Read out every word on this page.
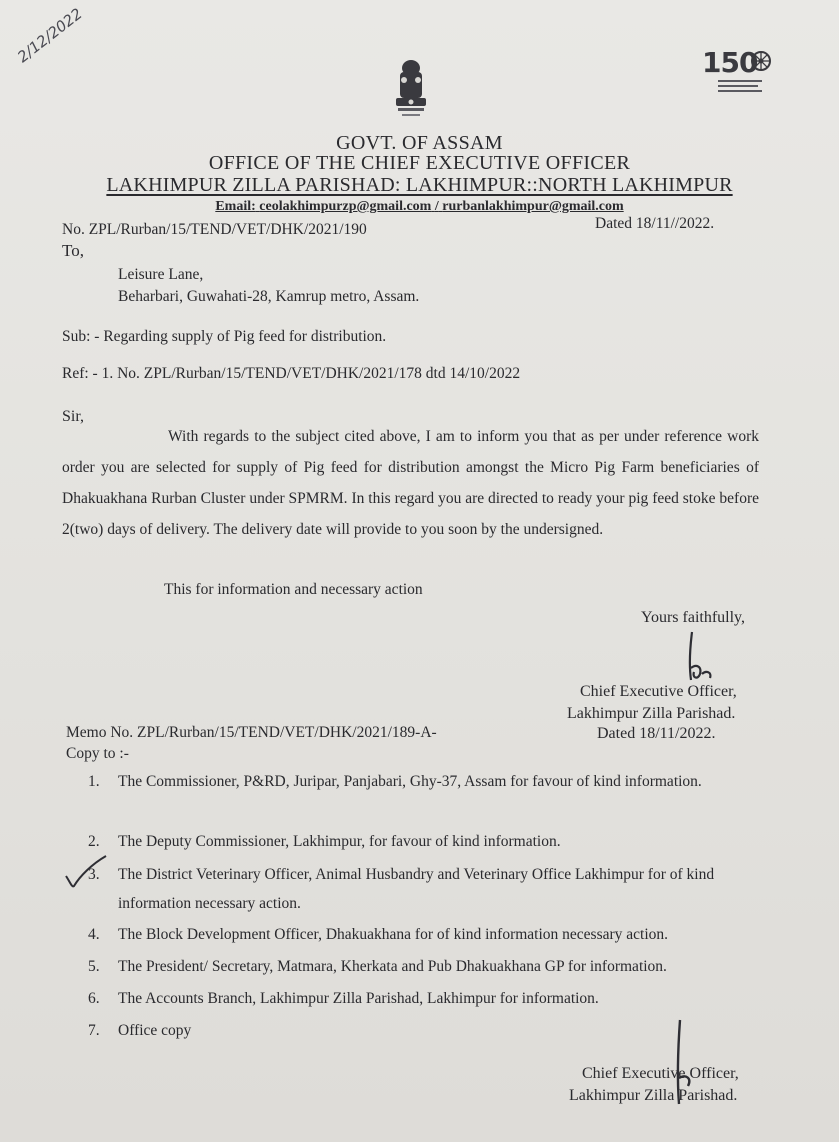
2/12/2022	150
GOVT. OF ASSAM
OFFICE OF THE CHIEF EXECUTIVE OFFICER
LAKHIMPUR ZILLA PARISHAD: LAKHIMPUR::NORTH LAKHIMPUR
Email: ceolakhimpurzp@gmail.com / rurbanlakhimpur@gmail.com
No. ZPL/Rurban/15/TEND/VET/DHK/2021/190	Dated 18/11//2022.
To,
Leisure Lane,
Beharbari, Guwahati-28, Kamrup metro, Assam.
Sub: - Regarding supply of Pig feed for distribution.
Ref: - 1. No. ZPL/Rurban/15/TEND/VET/DHK/2021/178 dtd 14/10/2022
Sir,

With regards to the subject cited above, I am to inform you that as per under reference work order you are selected for supply of Pig feed for distribution amongst the Micro Pig Farm beneficiaries of Dhakuakhana Rurban Cluster under SPMRM. In this regard you are directed to ready your pig feed stoke before 2(two) days of delivery. The delivery date will provide to you soon by the undersigned.

This for information and necessary action
Yours faithfully,
Chief Executive Officer,
Lakhimpur Zilla Parishad.
Dated 18/11/2022.
Memo No. ZPL/Rurban/15/TEND/VET/DHK/2021/189-A-
Copy to :-
1. The Commissioner, P&RD, Juripar, Panjabari, Ghy-37, Assam for favour of kind information.
2. The Deputy Commissioner, Lakhimpur, for favour of kind information.
3. The District Veterinary Officer, Animal Husbandry and Veterinary Office Lakhimpur for of kind information necessary action.
4. The Block Development Officer, Dhakuakhana for of kind information necessary action.
5. The President/ Secretary, Matmara, Kherkata and Pub Dhakuakhana GP for information.
6. The Accounts Branch, Lakhimpur Zilla Parishad, Lakhimpur for information.
7. Office copy
Chief Executive Officer,
Lakhimpur Zilla Parishad.
